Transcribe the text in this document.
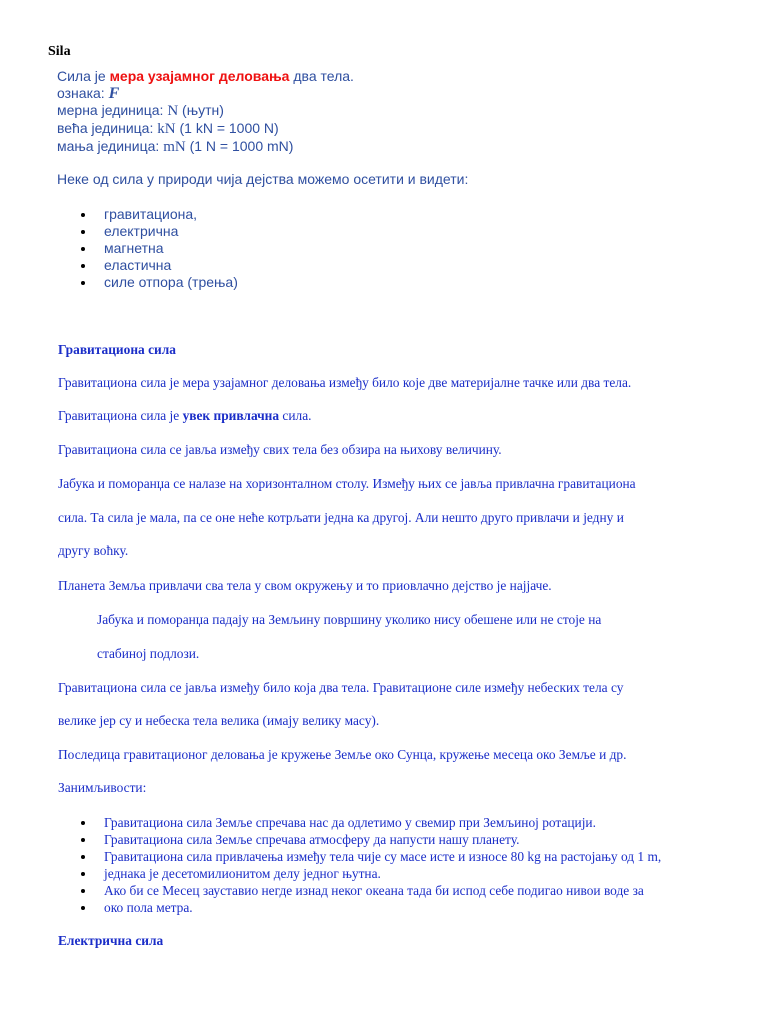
Sila
Сила је мера узајамног деловања два тела.
ознака: F
мерна јединица: N (њутн)
већа јединица: kN (1 kN = 1000 N)
мања јединица: mN (1 N = 1000 mN)
Неке од сила у природи чија дејства можемо осетити и видети:
гравитациона,
електрична
магнетна
еластична
силе отпора (трења)
Гравитациона сила
Гравитациона сила је мера узајамног деловања између било које две материјалне тачке или два тела.
Гравитациона сила је увек привлачна сила.
Гравитациона сила се јавља између свих тела без обзира на њихову величину.
Јабука и поморанџа се налазе на хоризонталном столу. Између њих се јавља привлачна гравитациона
сила. Та сила је мала, па се оне неће котрљати једна ка другој. Али нешто друго привлачи и једну и
другу воћку.
Планета Земља привлачи сва тела у свом окружењу и то приовлачно дејство је најјаче.
Јабука и поморанџа падају на Земљину површину уколико нису обешене или не стоје на
стабиној подлози.
Гравитациона сила се јавља између било која два тела. Гравитационе силе између небеских тела су
велике јер су и небеска тела велика (имају велику масу).
Последица гравитационог деловања је кружење Земље око Сунца, кружење месеца око Земље и др.
Занимљивости:
Гравитациона сила Земље спречава нас да одлетимо у свемир при Земљиној ротацији.
Гравитациона сила Земље спречава атмосферу да напусти нашу планету.
Гравитациона сила привлачења између тела чије су масе исте и износе 80 kg на растојању од 1 m,
једнака је десетомилионитом делу једног њутна.
Ако би се Месец зауставио негде изнад неког океана тада би испод себе подигао нивои воде за
око пола метра.
Електрична сила
